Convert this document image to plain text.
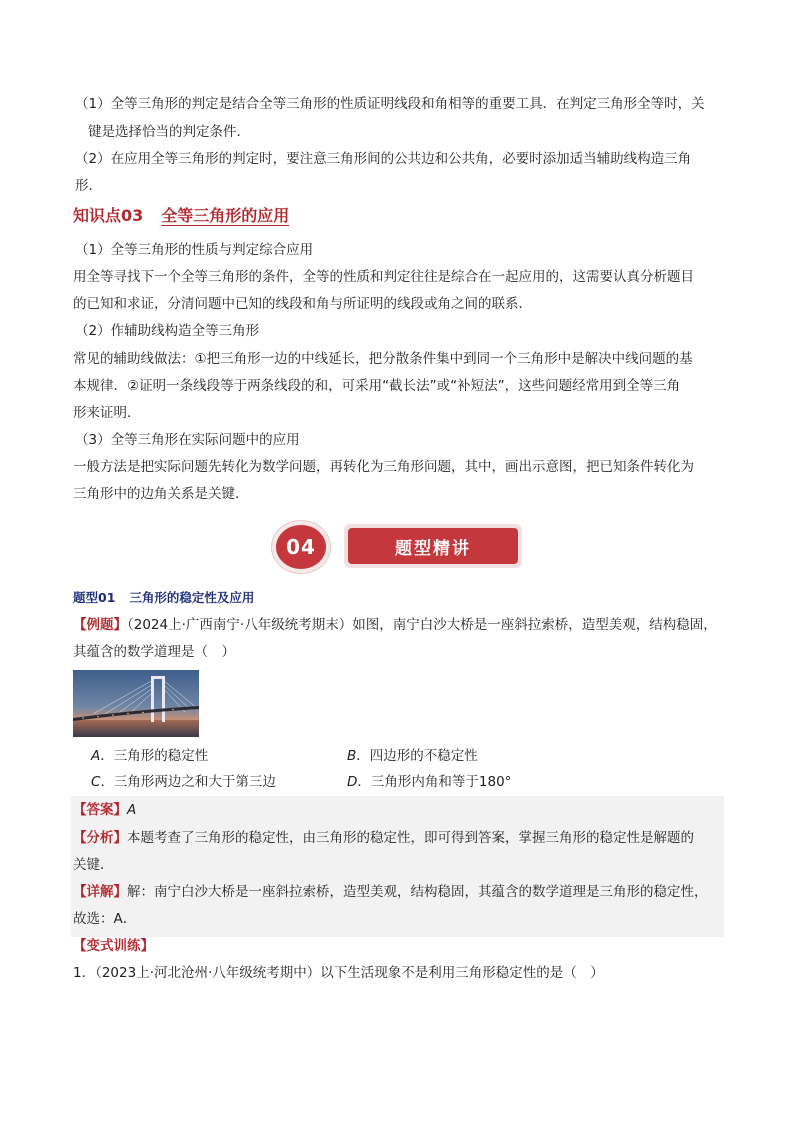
（1）全等三角形的判定是结合全等三角形的性质证明线段和角相等的重要工具．在判定三角形全等时，关
键是选择恰当的判定条件．
（2）在应用全等三角形的判定时，要注意三角形间的公共边和公共角，必要时添加适当辅助线构造三角
形．
知识点03 全等三角形的应用
（1）全等三角形的性质与判定综合应用
用全等寻找下一个全等三角形的条件，全等的性质和判定往往是综合在一起应用的，这需要认真分析题目
的已知和求证，分清问题中已知的线段和角与所证明的线段或角之间的联系．
（2）作辅助线构造全等三角形
常见的辅助线做法：①把三角形一边的中线延长，把分散条件集中到同一个三角形中是解决中线问题的基
本规律．②证明一条线段等于两条线段的和，可采用“截长法”或“补短法”，这些问题经常用到全等三角
形来证明．
（3）全等三角形在实际问题中的应用
一般方法是把实际问题先转化为数学问题，再转化为三角形问题，其中，画出示意图，把已知条件转化为
三角形中的边角关系是关键．
04	题型精讲
题型01 三角形的稳定性及应用
【例题】（2024上·广西南宁·八年级统考期末）如图，南宁白沙大桥是一座斜拉索桥，造型美观，结构稳固，
其蕴含的数学道理是（　）
A．三角形的稳定性	B．四边形的不稳定性
C．三角形两边之和大于第三边	D．三角形内角和等于180°
【答案】A
【分析】本题考查了三角形的稳定性，由三角形的稳定性，即可得到答案，掌握三角形的稳定性是解题的
关键．
【详解】解：南宁白沙大桥是一座斜拉索桥，造型美观，结构稳固，其蕴含的数学道理是三角形的稳定性，
故选：A．
【变式训练】
1．（2023上·河北沧州·八年级统考期中）以下生活现象不是利用三角形稳定性的是（　）
